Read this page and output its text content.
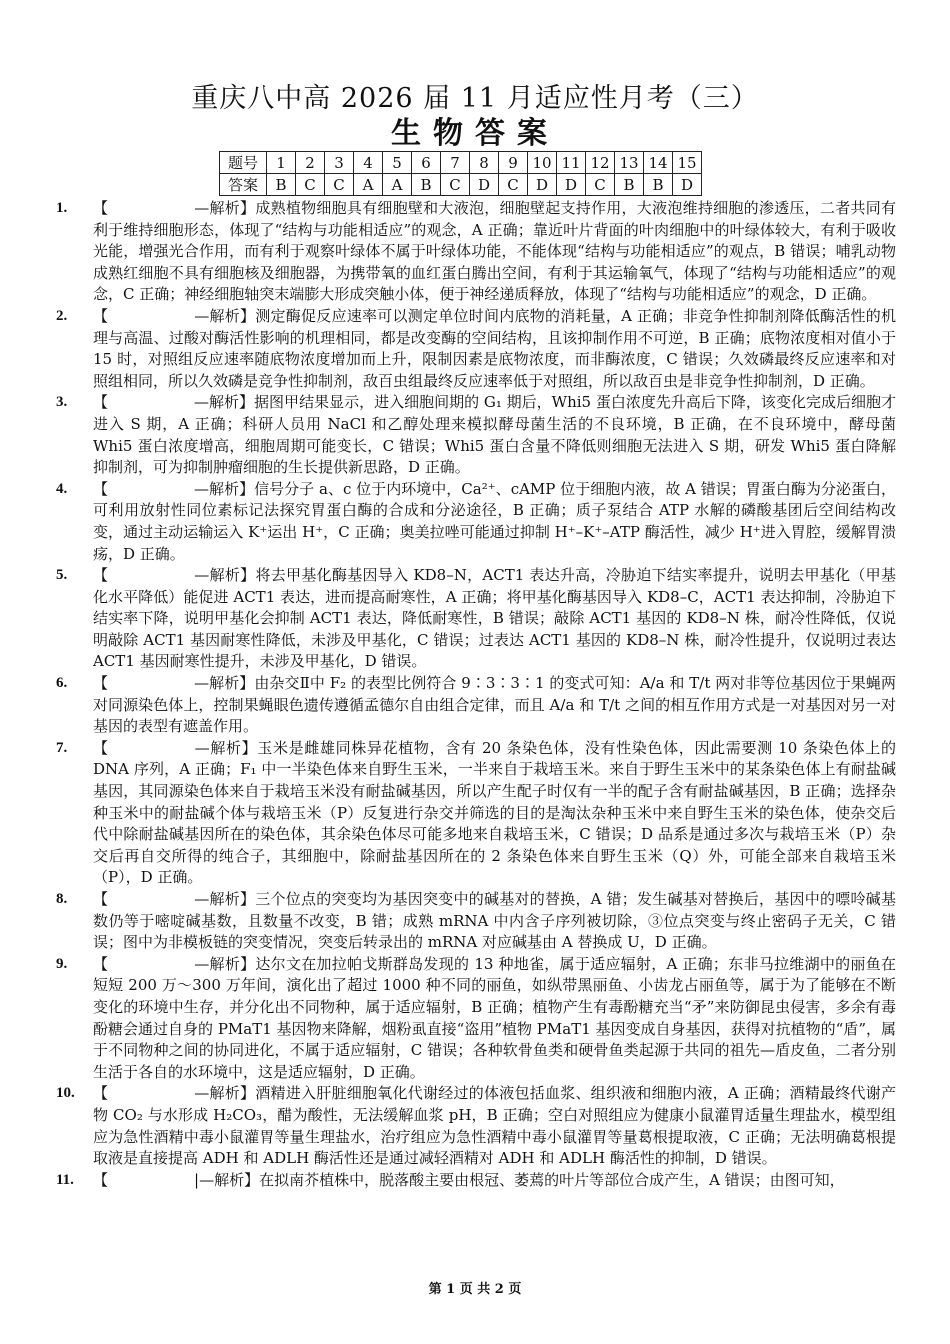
重庆八中高 2026 届 11 月适应性月考（三）
生物答案
题号	1	2	3	4	5	6	7	8	9	10	11	12	13	14	15
答案	B	C	C	A	A	B	C	D	C	D	D	C	B	B	D
1. 【	—解析】成熟植物细胞具有细胞壁和大液泡，细胞壁起支持作用，大液泡维持细胞的渗透压，二者共同有利于维持细胞形态，体现了“结构与功能相适应”的观念，A 正确；靠近叶片背面的叶肉细胞中的叶绿体较大，有利于吸收光能，增强光合作用，而有利于观察叶绿体不属于叶绿体功能，不能体现“结构与功能相适应”的观点，B 错误；哺乳动物成熟红细胞不具有细胞核及细胞器，为携带氧的血红蛋白腾出空间，有利于其运输氧气，体现了“结构与功能相适应”的观念，C 正确；神经细胞轴突末端膨大形成突触小体，便于神经递质释放，体现了“结构与功能相适应”的观念，D 正确。
2. 【	—解析】测定酶促反应速率可以测定单位时间内底物的消耗量，A 正确；非竞争性抑制剂降低酶活性的机理与高温、过酸对酶活性影响的机理相同，都是改变酶的空间结构，且该抑制作用不可逆，B 正确；底物浓度相对值小于 15 时，对照组反应速率随底物浓度增加而上升，限制因素是底物浓度，而非酶浓度，C 错误；久效磷最终反应速率和对照组相同，所以久效磷是竞争性抑制剂，敌百虫组最终反应速率低于对照组，所以敌百虫是非竞争性抑制剂，D 正确。
3. 【	—解析】据图甲结果显示，进入细胞间期的 G₁ 期后，Whi5 蛋白浓度先升高后下降，该变化完成后细胞才进入 S 期，A 正确；科研人员用 NaCl 和乙醇处理来模拟酵母菌生活的不良环境，B 正确，在不良环境中，酵母菌 Whi5 蛋白浓度增高，细胞周期可能变长，C 错误；Whi5 蛋白含量不降低则细胞无法进入 S 期，研发 Whi5 蛋白降解抑制剂，可为抑制肿瘤细胞的生长提供新思路，D 正确。
4. 【	—解析】信号分子 a、c 位于内环境中，Ca²⁺、cAMP 位于细胞内液，故 A 错误；胃蛋白酶为分泌蛋白，可利用放射性同位素标记法探究胃蛋白酶的合成和分泌途径，B 正确；质子泵结合 ATP 水解的磷酸基团后空间结构改变，通过主动运输运入 K⁺运出 H⁺，C 正确；奥美拉唑可能通过抑制 H⁺–K⁺–ATP 酶活性，减少 H⁺进入胃腔，缓解胃溃疡，D 正确。
5. 【	—解析】将去甲基化酶基因导入 KD8–N，ACT1 表达升高，冷胁迫下结实率提升，说明去甲基化（甲基化水平降低）能促进 ACT1 表达，进而提高耐寒性，A 正确；将甲基化酶基因导入 KD8–C，ACT1 表达抑制，冷胁迫下结实率下降，说明甲基化会抑制 ACT1 表达，降低耐寒性，B 错误；敲除 ACT1 基因的 KD8–N 株，耐冷性降低，仅说明敲除 ACT1 基因耐寒性降低，未涉及甲基化，C 错误；过表达 ACT1 基因的 KD8–N 株，耐冷性提升，仅说明过表达 ACT1 基因耐寒性提升，未涉及甲基化，D 错误。
6. 【	—解析】由杂交Ⅱ中 F₂ 的表型比例符合 9∶3∶3∶1 的变式可知：A/a 和 T/t 两对非等位基因位于果蝇两对同源染色体上，控制果蝇眼色遗传遵循孟德尔自由组合定律，而且 A/a 和 T/t 之间的相互作用方式是一对基因对另一对基因的表型有遮盖作用。
7. 【	—解析】玉米是雌雄同株异花植物，含有 20 条染色体，没有性染色体，因此需要测 10 条染色体上的 DNA 序列，A 正确；F₁ 中一半染色体来自野生玉米，一半来自于栽培玉米。来自于野生玉米中的某条染色体上有耐盐碱基因，其同源染色体来自于栽培玉米没有耐盐碱基因，所以产生配子时仅有一半的配子含有耐盐碱基因，B 正确；选择杂种玉米中的耐盐碱个体与栽培玉米（P）反复进行杂交并筛选的目的是淘汰杂种玉米中来自野生玉米的染色体，使杂交后代中除耐盐碱基因所在的染色体，其余染色体尽可能多地来自栽培玉米，C 错误；D 品系是通过多次与栽培玉米（P）杂交后再自交所得的纯合子，其细胞中，除耐盐基因所在的 2 条染色体来自野生玉米（Q）外，可能全部来自栽培玉米（P），D 正确。
8. 【	—解析】三个位点的突变均为基因突变中的碱基对的替换，A 错；发生碱基对替换后，基因中的嘌呤碱基数仍等于嘧啶碱基数，且数量不改变，B 错；成熟 mRNA 中内含子序列被切除，③位点突变与终止密码子无关，C 错误；图中为非模板链的突变情况，突变后转录出的 mRNA 对应碱基由 A 替换成 U，D 正确。
9. 【	—解析】达尔文在加拉帕戈斯群岛发现的 13 种地雀，属于适应辐射，A 正确；东非马拉维湖中的丽鱼在短短 200 万～300 万年间，演化出了超过 1000 种不同的丽鱼，如纵带黑丽鱼、小齿龙占丽鱼等，属于为了能够在不断变化的环境中生存，并分化出不同物种，属于适应辐射，B 正确；植物产生有毒酚糖充当“矛”来防御昆虫侵害，多余有毒酚糖会通过自身的 PMaT1 基因物来降解，烟粉虱直接“盗用”植物 PMaT1 基因变成自身基因，获得对抗植物的“盾”，属于不同物种之间的协同进化，不属于适应辐射，C 错误；各种软骨鱼类和硬骨鱼类起源于共同的祖先—盾皮鱼，二者分别生活于各自的水环境中，这是适应辐射，D 正确。
10. 【	—解析】酒精进入肝脏细胞氧化代谢经过的体液包括血浆、组织液和细胞内液，A 正确；酒精最终代谢产物 CO₂ 与水形成 H₂CO₃，醋为酸性，无法缓解血浆 pH，B 正确；空白对照组应为健康小鼠灌胃适量生理盐水，模型组应为急性酒精中毒小鼠灌胃等量生理盐水，治疗组应为急性酒精中毒小鼠灌胃等量葛根提取液，C 正确；无法明确葛根提取液是直接提高 ADH 和 ADLH 酶活性还是通过减轻酒精对 ADH 和 ADLH 酶活性的抑制，D 错误。
11. 【	|—解析】在拟南芥植株中，脱落酸主要由根冠、萎蔫的叶片等部位合成产生，A 错误；由图可知，
第 1 页 共 2 页
